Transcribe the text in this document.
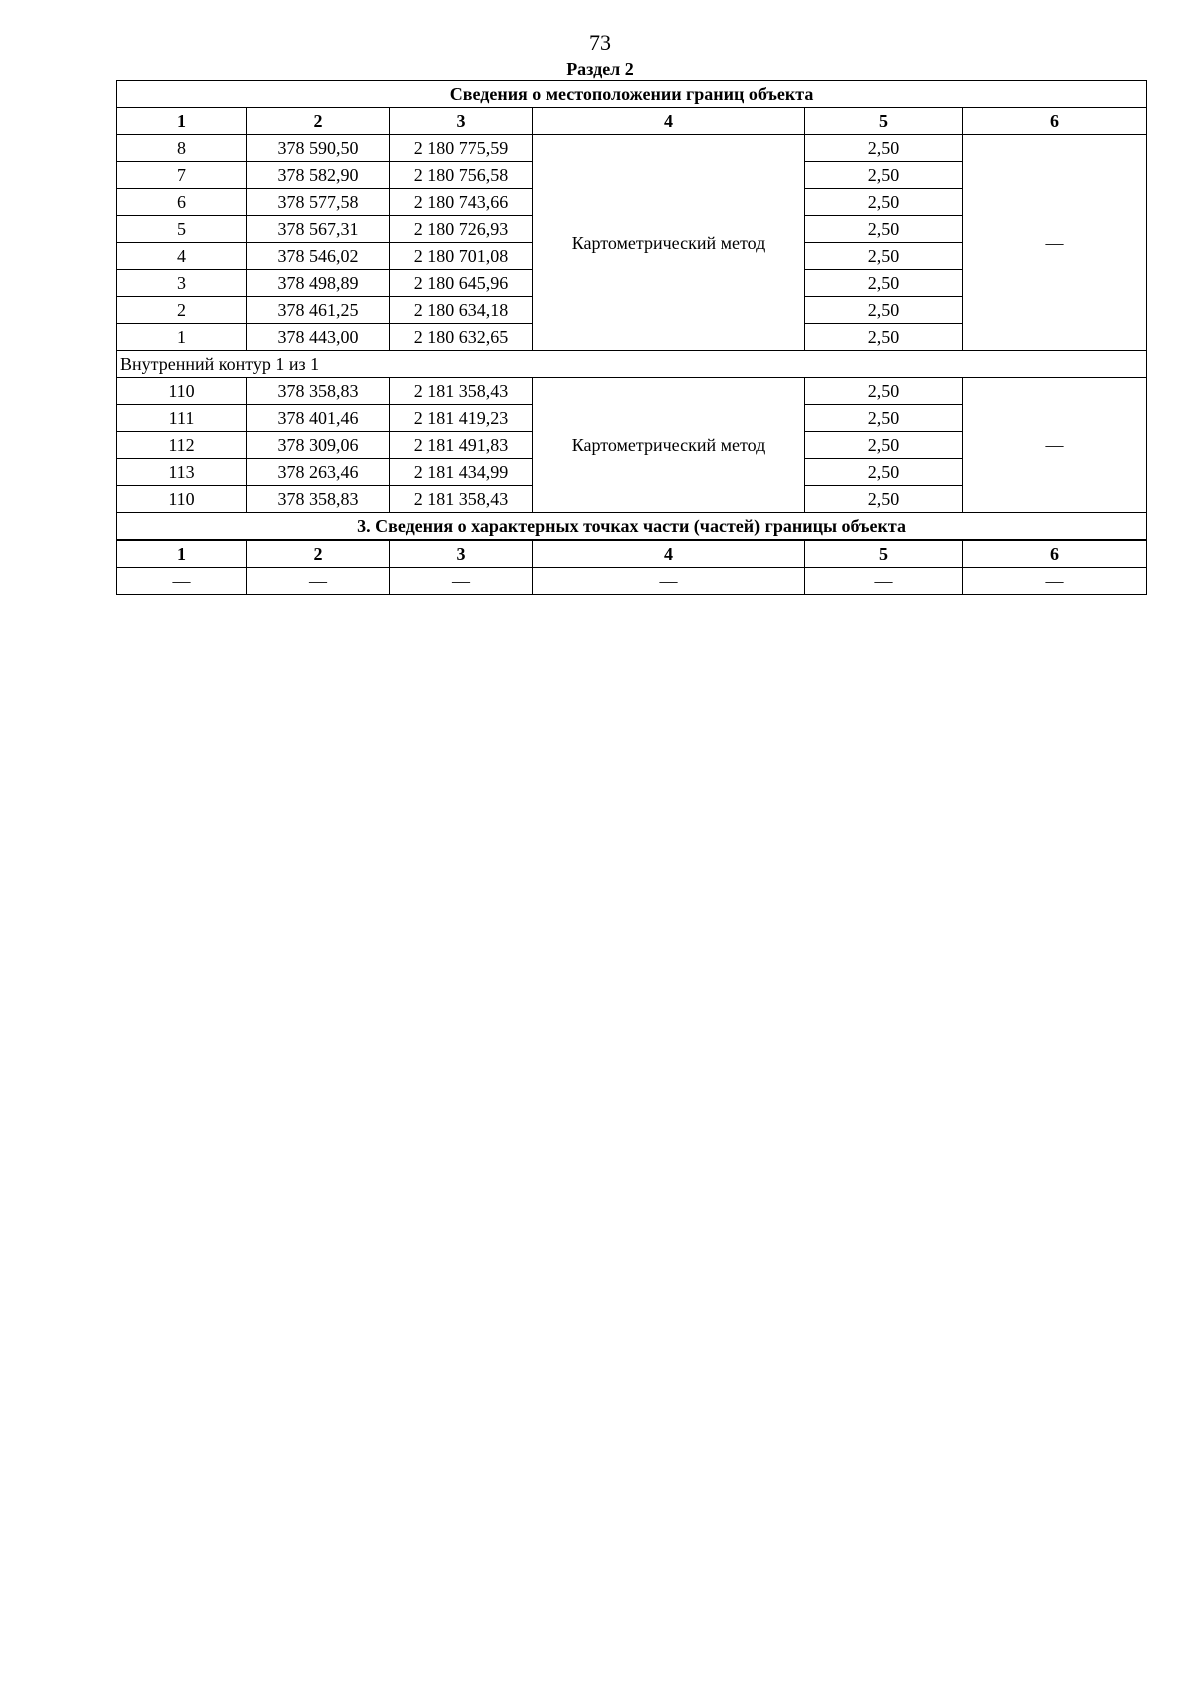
73
Раздел 2
Сведения о местоположении границ объекта					
1	2	3	4	5	6
8	378 590,50	2 180 775,59	Картометрический метод	2,50	—
7	378 582,90	2 180 756,58		2,50	
6	378 577,58	2 180 743,66		2,50	
5	378 567,31	2 180 726,93		2,50	
4	378 546,02	2 180 701,08		2,50	
3	378 498,89	2 180 645,96		2,50	
2	378 461,25	2 180 634,18		2,50	
1	378 443,00	2 180 632,65		2,50	
Внутренний контур 1 из 1					
110	378 358,83	2 181 358,43	Картометрический метод	2,50	—
111	378 401,46	2 181 419,23		2,50	
112	378 309,06	2 181 491,83		2,50	
113	378 263,46	2 181 434,99		2,50	
110	378 358,83	2 181 358,43		2,50	
3. Сведения о характерных точках части (частей) границы объекта					
1	2	3	4	5	6
—	—	—	—	—	—
